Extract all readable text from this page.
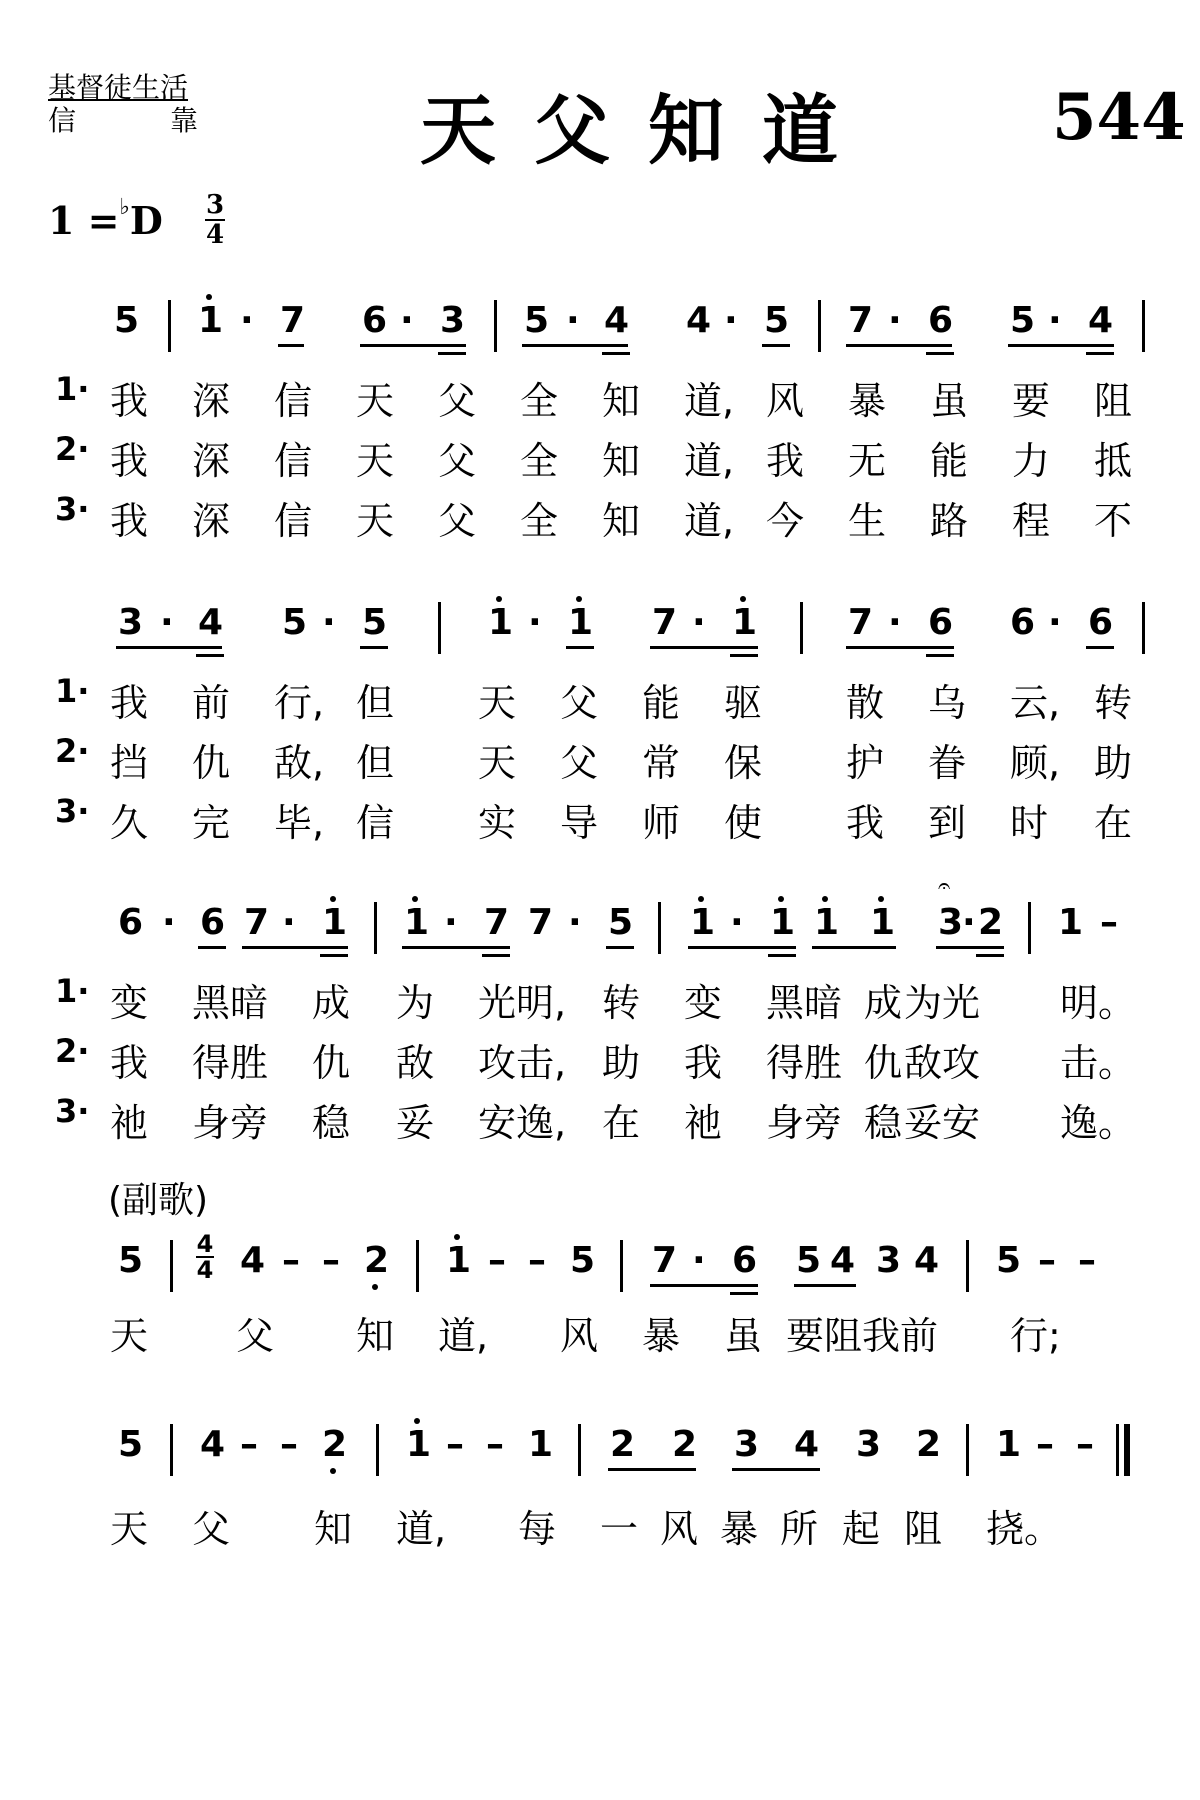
基督徒生活
信	靠	天父知道	544
1 =♭D 3
4
5 1 · 7 6 · 3 5 · 4 4 · 5 7 · 6 5 · 4
1· 我 深 信 天 父 全 知 道, 风 暴 虽 要 阻
2· 我 深 信 天 父 全 知 道, 我 无 能 力 抵
3· 我 深 信 天 父 全 知 道, 今 生 路 程 不
3 · 4 5 · 5	1 · 1 7 · 1	7 · 6 6 · 6
1· 我 前 行, 但 天 父 能 驱 散 乌 云, 转
2· 挡 仇 敌, 但 天 父 常 保 护 眷 顾, 助
3· 久 完 毕, 信 实 导 师 使 我 到 时 在
6 · 6 7 · 1 1 · 7 7 · 5 1 · 1 1 1 3
· 2
𝄐
1 –
1· 变 黑暗 成 为 光明, 转 变 黑暗 成 为光 明。
2· 我 得胜 仇 敌 攻击, 助 我 得胜 仇 敌攻 击。
3· 祂 身旁 稳 妥 安逸, 在 祂 身旁 稳 妥安 逸。
(副歌)
5 4
4 4 – – 2 1 – – 5 7 · 6 5 4 3 4 5 – –
天 父 知 道, 风 暴 虽 要阻我前 行;
5 4 – – 2 1 – – 1 2 2 3 4 3 2 1 – –
天 父 知 道, 每 一 风 暴 所 起 阻 挠。
